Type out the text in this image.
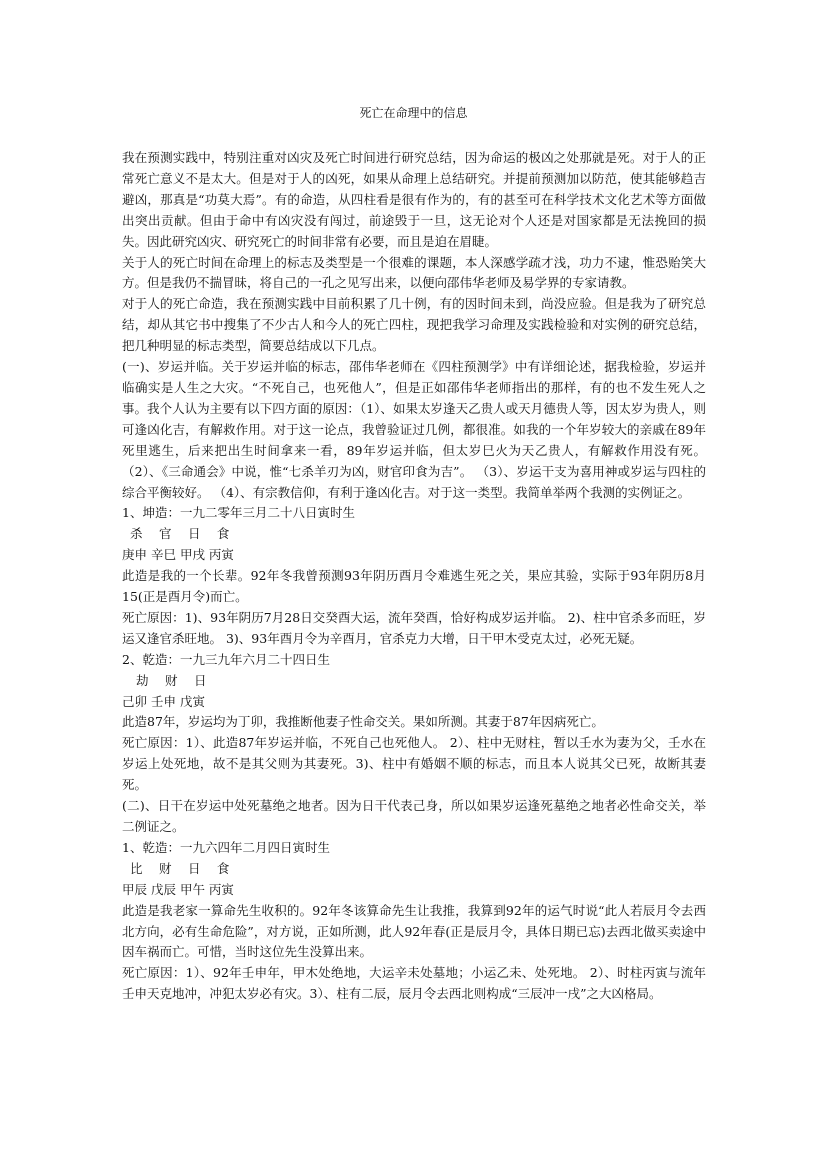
死亡在命理中的信息

我在预测实践中，特别注重对凶灾及死亡时间进行研究总结，因为命运的极凶之处那就是死。对于人的正常死亡意义不是太大。但是对于人的凶死，如果从命理上总结研究。并提前预测加以防范，使其能够趋吉避凶，那真是“功莫大焉”。有的命造，从四柱看是很有作为的，有的甚至可在科学技术文化艺术等方面做出突出贡献。但由于命中有凶灾没有闯过，前途毁于一旦，这无论对个人还是对国家都是无法挽回的损失。因此研究凶灾、研究死亡的时间非常有必要，而且是迫在眉睫。

关于人的死亡时间在命理上的标志及类型是一个很难的课题，本人深感学疏才浅，功力不逮，惟恐贻笑大方。但是我仍不揣冒昧，将自己的一孔之见写出来，以便向邵伟华老师及易学界的专家请教。

对于人的死亡命造，我在预测实践中目前积累了几十例，有的因时间未到，尚没应验。但是我为了研究总结，却从其它书中搜集了不少古人和今人的死亡四柱，现把我学习命理及实践检验和对实例的研究总结，把几种明显的标志类型，简要总结成以下几点。

(一)、岁运并临。关于岁运并临的标志，邵伟华老师在《四柱预测学》中有详细论述，据我检验，岁运并临确实是人生之大灾。“不死自己，也死他人”，但是正如邵伟华老师指出的那样，有的也不发生死人之事。我个人认为主要有以下四方面的原因：（1）、如果太岁逢天乙贵人或天月德贵人等，因太岁为贵人，则可逢凶化吉，有解救作用。对于这一论点，我曾验证过几例，都很准。如我的一个年岁较大的亲戚在89年死里逃生，后来把出生时间拿来一看，89年岁运并临，但太岁巳火为天乙贵人，有解救作用没有死。（2）、《三命通会》中说，惟“七杀羊刃为凶，财官印食为吉”。 （3）、岁运干支为喜用神或岁运与四柱的综合平衡较好。 （4）、有宗教信仰，有利于逢凶化吉。对于这一类型。我简单举两个我测的实例证之。

1、坤造：一九二零年三月二十八日寅时生

杀　 官　 日　 食

庚申 辛巳 甲戌 丙寅

此造是我的一个长辈。92年冬我曾预测93年阴历酉月令难逃生死之关，果应其验，实际于93年阴历8月15(正是酉月令)而亡。

死亡原因：1)、93年阴历7月28日交癸酉大运，流年癸酉，恰好构成岁运并临。 2)、柱中官杀多而旺，岁运又逢官杀旺地。 3)、93年酉月令为辛酉月，官杀克力大增，日干甲木受克太过，必死无疑。

2、乾造：一九三九年六月二十四日生

劫　 财　 日

己卯 壬申 戊寅

此造87年，岁运均为丁卯，我推断他妻子性命交关。果如所测。其妻于87年因病死亡。

死亡原因：1）、此造87年岁运并临，不死自己也死他人。 2）、柱中无财柱，暂以壬水为妻为父，壬水在岁运上处死地，故不是其父则为其妻死。3)、柱中有婚姻不顺的标志，而且本人说其父已死，故断其妻死。

(二)、日干在岁运中处死墓绝之地者。因为日干代表己身，所以如果岁运逢死墓绝之地者必性命交关，举二例证之。

1、乾造：一九六四年二月四日寅时生

比　 财　 日　 食

甲辰 戊辰 甲午 丙寅

此造是我老家一算命先生收积的。92年冬该算命先生让我推，我算到92年的运气时说“此人若辰月令去西北方向，必有生命危险”，对方说，正如所测，此人92年春(正是辰月令，具体日期已忘)去西北做买卖途中因车祸而亡。可惜，当时这位先生没算出来。

死亡原因：1）、92年壬申年，甲木处绝地，大运辛未处墓地；小运乙未、处死地。 2）、时柱丙寅与流年壬申天克地冲，冲犯太岁必有灾。3）、柱有二辰，辰月令去西北则构成“三辰冲一戌”之大凶格局。
